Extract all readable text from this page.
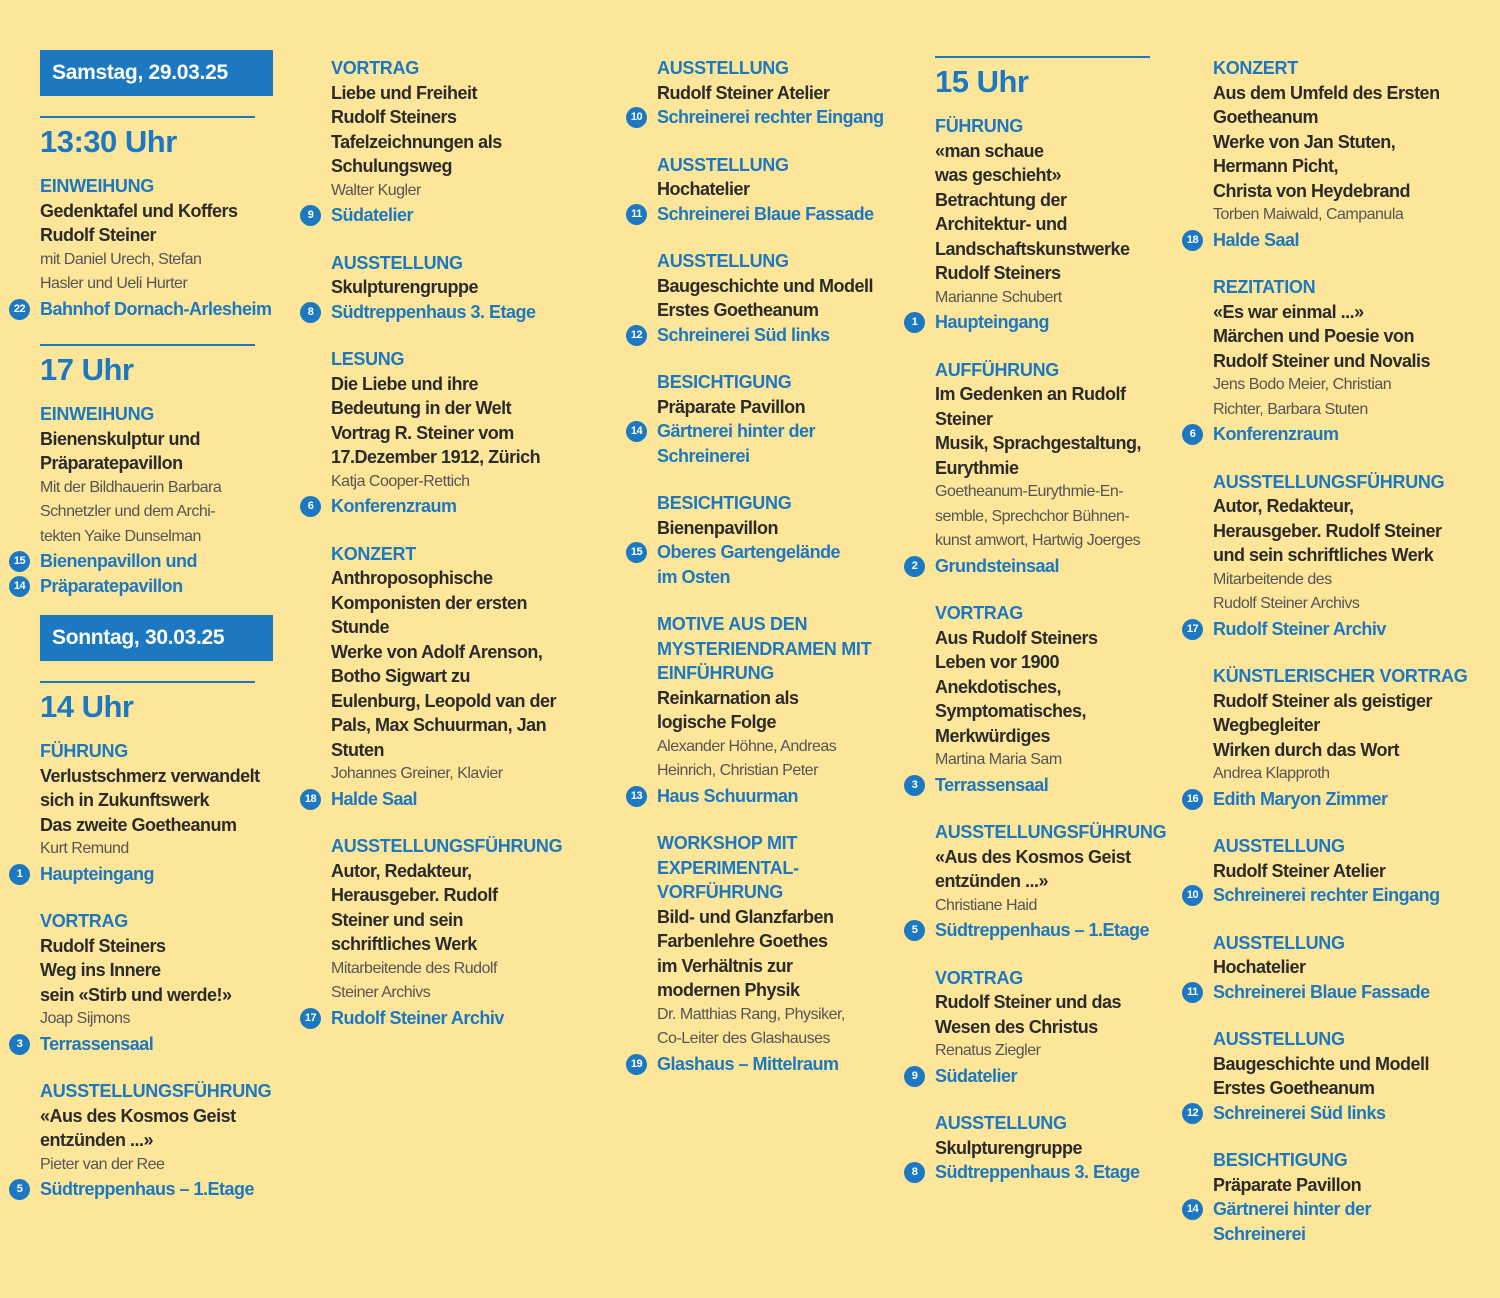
Samstag, 29.03.25
13:30 Uhr
EINWEIHUNG
Gedenktafel und Koffers
Rudolf Steiner
mit Daniel Urech, Stefan
Hasler und Ueli Hurter
22 Bahnhof Dornach-Arlesheim
17 Uhr
EINWEIHUNG
Bienenskulptur und
Präparatepavillon
Mit der Bildhauerin Barbara
Schnetzler und dem Archi-
tekten Yaike Dunselman
15 Bienenpavillon und
14 Präparatepavillon
Sonntag, 30.03.25
14 Uhr
FÜHRUNG
Verlustschmerz verwandelt
sich in Zukunftswerk
Das zweite Goetheanum
Kurt Remund
1 Haupteingang
VORTRAG
Rudolf Steiners
Weg ins Innere
sein «Stirb und werde!»
Joap Sijmons
3 Terrassensaal
AUSSTELLUNGSFÜHRUNG
«Aus des Kosmos Geist
entzünden ...»
Pieter van der Ree
5 Südtreppenhaus – 1.Etage
VORTRAG
Liebe und Freiheit
Rudolf Steiners
Tafelzeichnungen als
Schulungsweg
Walter Kugler
9 Südatelier
AUSSTELLUNG
Skulpturengruppe
8 Südtreppenhaus 3. Etage
LESUNG
Die Liebe und ihre
Bedeutung in der Welt
Vortrag R. Steiner vom
17.Dezember 1912, Zürich
Katja Cooper-Rettich
6 Konferenzraum
KONZERT
Anthroposophische
Komponisten der ersten
Stunde
Werke von Adolf Arenson,
Botho Sigwart zu
Eulenburg, Leopold van der
Pals, Max Schuurman, Jan
Stuten
Johannes Greiner, Klavier
18 Halde Saal
AUSSTELLUNGSFÜHRUNG
Autor, Redakteur,
Herausgeber. Rudolf
Steiner und sein
schriftliches Werk
Mitarbeitende des Rudolf
Steiner Archivs
17 Rudolf Steiner Archiv
AUSSTELLUNG
Rudolf Steiner Atelier
10 Schreinerei rechter Eingang
AUSSTELLUNG
Hochatelier
11 Schreinerei Blaue Fassade
AUSSTELLUNG
Baugeschichte und Modell
Erstes Goetheanum
12 Schreinerei Süd links
BESICHTIGUNG
Präparate Pavillon
14 Gärtnerei hinter der
Schreinerei
BESICHTIGUNG
Bienenpavillon
15 Oberes Gartengelände
im Osten
MOTIVE AUS DEN MYSTERIENDRAMEN MIT EINFÜHRUNG
Reinkarnation als
logische Folge
Alexander Höhne, Andreas
Heinrich, Christian Peter
13 Haus Schuurman
WORKSHOP MIT EXPERIMENTAL- VORFÜHRUNG
Bild- und Glanzfarben
Farbenlehre Goethes
im Verhältnis zur
modernen Physik
Dr. Matthias Rang, Physiker,
Co-Leiter des Glashauses
19 Glashaus – Mittelraum
15 Uhr
FÜHRUNG
«man schaue
was geschieht»
Betrachtung der
Architektur- und
Landschaftskunstwerke
Rudolf Steiners
Marianne Schubert
1 Haupteingang
AUFFÜHRUNG
Im Gedenken an Rudolf
Steiner
Musik, Sprachgestaltung,
Eurythmie
Goetheanum-Eurythmie-En-
semble, Sprechchor Bühnen-
kunst amwort, Hartwig Joerges
2 Grundsteinsaal
VORTRAG
Aus Rudolf Steiners
Leben vor 1900
Anekdotisches,
Symptomatisches,
Merkwürdiges
Martina Maria Sam
3 Terrassensaal
AUSSTELLUNGSFÜHRUNG
«Aus des Kosmos Geist
entzünden ...»
Christiane Haid
5 Südtreppenhaus – 1.Etage
VORTRAG
Rudolf Steiner und das
Wesen des Christus
Renatus Ziegler
9 Südatelier
AUSSTELLUNG
Skulpturengruppe
8 Südtreppenhaus 3. Etage
KONZERT
Aus dem Umfeld des Ersten
Goetheanum
Werke von Jan Stuten,
Hermann Picht,
Christa von Heydebrand
Torben Maiwald, Campanula
18 Halde Saal
REZITATION
«Es war einmal ...»
Märchen und Poesie von
Rudolf Steiner und Novalis
Jens Bodo Meier, Christian
Richter, Barbara Stuten
6 Konferenzraum
AUSSTELLUNGSFÜHRUNG
Autor, Redakteur,
Herausgeber. Rudolf Steiner
und sein schriftliches Werk
Mitarbeitende des
Rudolf Steiner Archivs
17 Rudolf Steiner Archiv
KÜNSTLERISCHER VORTRAG
Rudolf Steiner als geistiger
Wegbegleiter
Wirken durch das Wort
Andrea Klapproth
16 Edith Maryon Zimmer
AUSSTELLUNG
Rudolf Steiner Atelier
10 Schreinerei rechter Eingang
AUSSTELLUNG
Hochatelier
11 Schreinerei Blaue Fassade
AUSSTELLUNG
Baugeschichte und Modell
Erstes Goetheanum
12 Schreinerei Süd links
BESICHTIGUNG
Präparate Pavillon
14 Gärtnerei hinter der
Schreinerei
